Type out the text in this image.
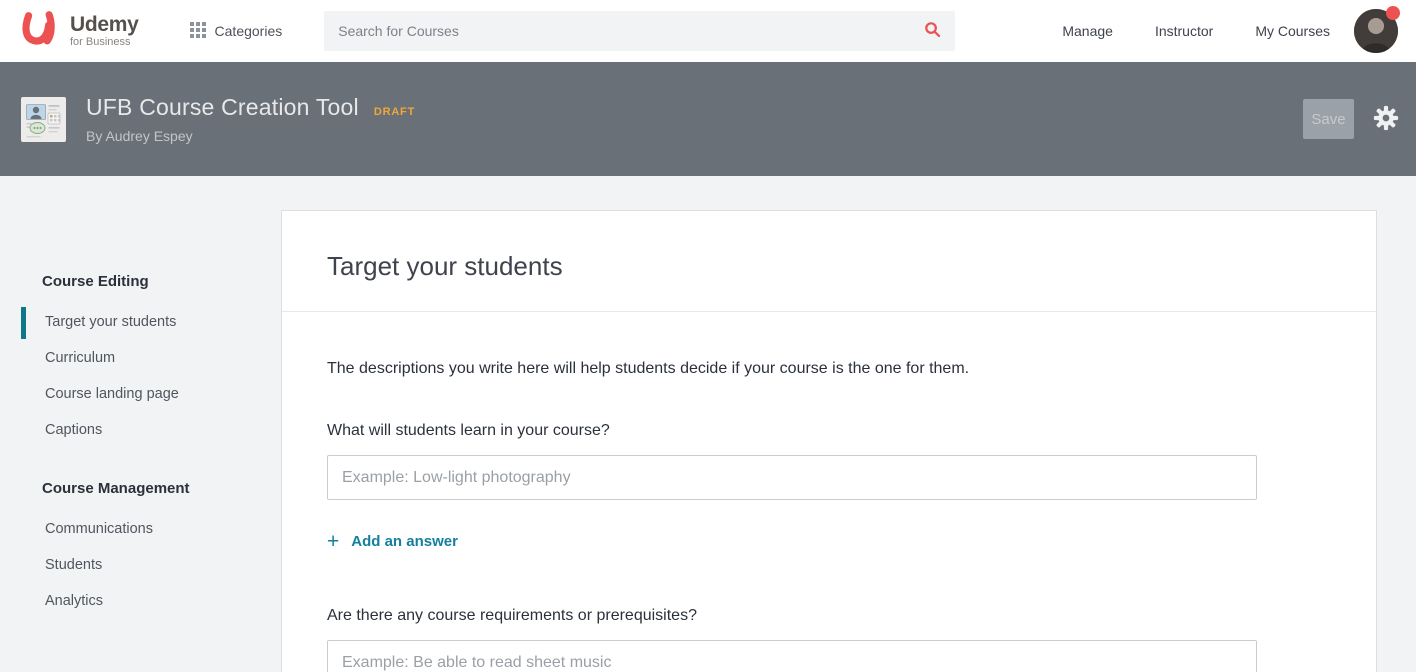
Udemy
for Business
Categories
Search for Courses	Manage	Instructor	My Courses
UFB Course Creation Tool DRAFT
By Audrey Espey
Save
Course Editing
Target your students
Curriculum
Course landing page
Captions
Course Management
Communications
Students
Analytics
Target your students

The descriptions you write here will help students decide if your course is the one for them.

What will students learn in your course?
Example: Low-light photography
+ Add an answer
Are there any course requirements or prerequisites?
Example: Be able to read sheet music
